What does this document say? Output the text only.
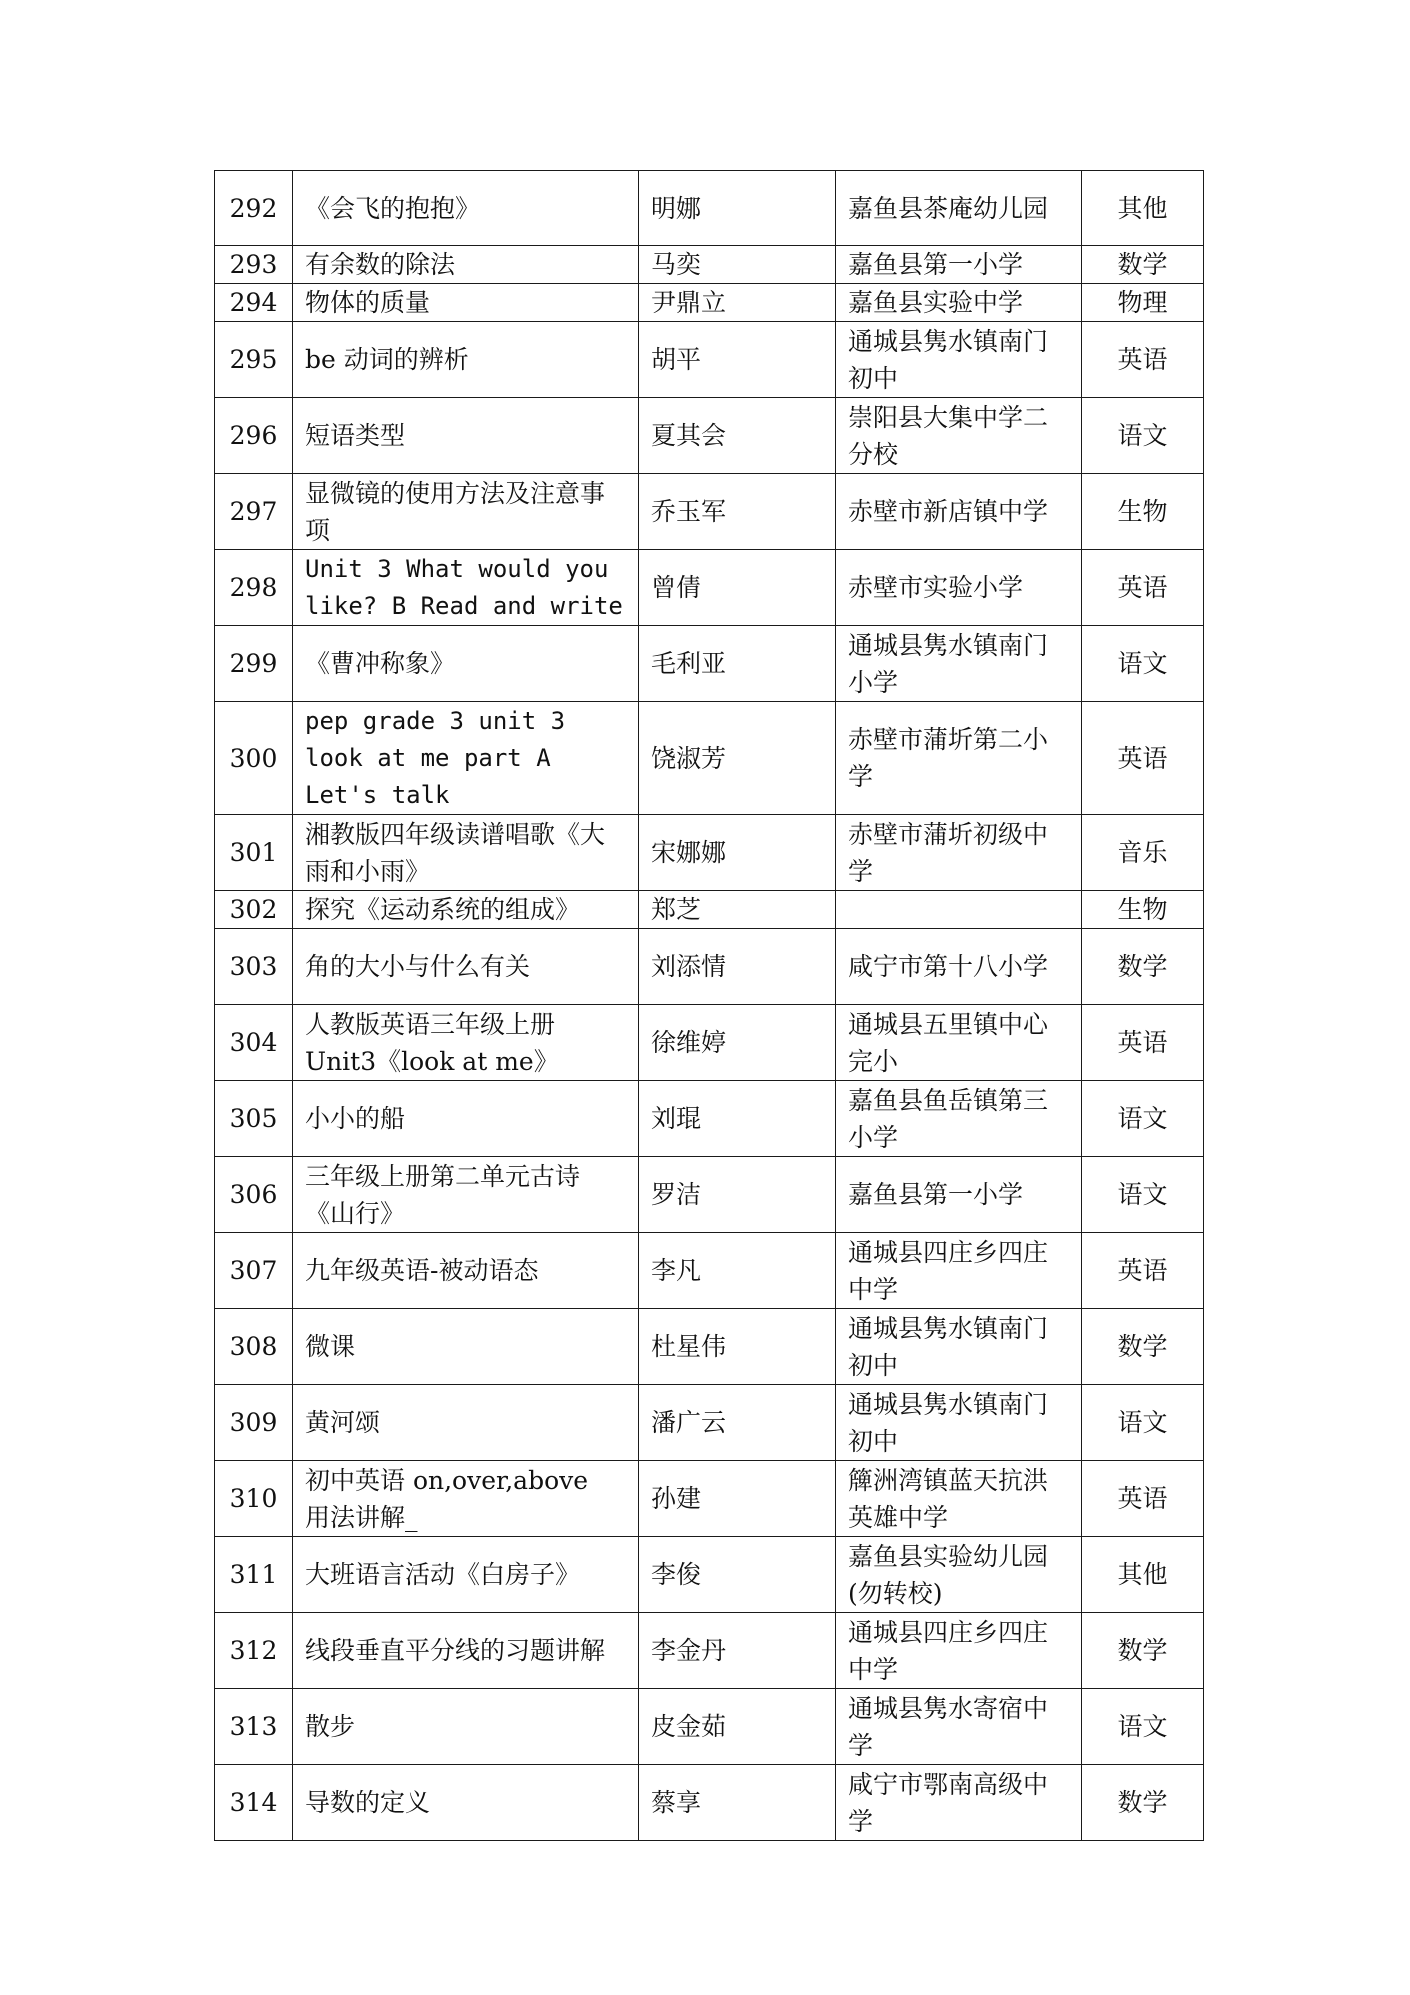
292	《会飞的抱抱》	明娜	嘉鱼县茶庵幼儿园	其他
293	有余数的除法	马奕	嘉鱼县第一小学	数学
294	物体的质量	尹鼎立	嘉鱼县实验中学	物理
295	be 动词的辨析	胡平	通城县隽水镇南门初中	英语
296	短语类型	夏其会	崇阳县大集中学二分校	语文
297	显微镜的使用方法及注意事项	乔玉军	赤壁市新店镇中学	生物
298	Unit 3 What would you like? B Read and write	曾倩	赤壁市实验小学	英语
299	《曹冲称象》	毛利亚	通城县隽水镇南门小学	语文
300	pep grade 3 unit 3
look at me part A
Let's talk	饶淑芳	赤壁市蒲圻第二小学	英语
301	湘教版四年级读谱唱歌《大雨和小雨》	宋娜娜	赤壁市蒲圻初级中学	音乐
302	探究《运动系统的组成》	郑芝		生物
303	角的大小与什么有关	刘添情	咸宁市第十八小学	数学
304	人教版英语三年级上册
Unit3《look at me》	徐维婷	通城县五里镇中心完小	英语
305	小小的船	刘琨	嘉鱼县鱼岳镇第三小学	语文
306	三年级上册第二单元古诗《山行》	罗洁	嘉鱼县第一小学	语文
307	九年级英语-被动语态	李凡	通城县四庄乡四庄中学	英语
308	微课	杜星伟	通城县隽水镇南门初中	数学
309	黄河颂	潘广云	通城县隽水镇南门初中	语文
310	初中英语 on,over,above
用法讲解_	孙建	簰洲湾镇蓝天抗洪英雄中学	英语
311	大班语言活动《白房子》	李俊	嘉鱼县实验幼儿园(勿转校)	其他
312	线段垂直平分线的习题讲解	李金丹	通城县四庄乡四庄中学	数学
313	散步	皮金茹	通城县隽水寄宿中学	语文
314	导数的定义	蔡享	咸宁市鄂南高级中学	数学
